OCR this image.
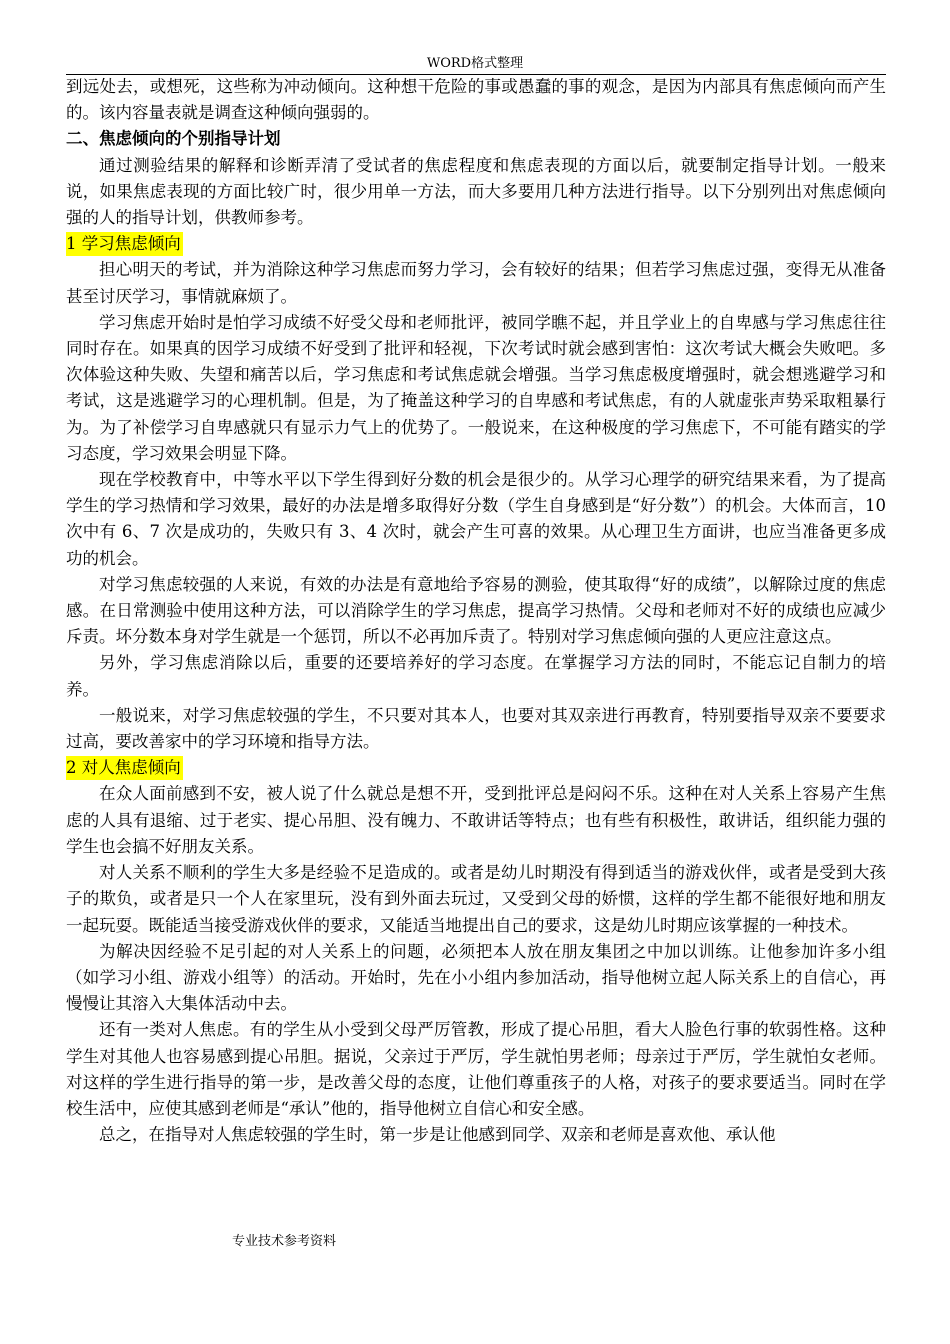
WORD格式整理

到远处去，或想死，这些称为冲动倾向。这种想干危险的事或愚蠢的事的观念，是因为内部具有焦虑倾向而产生的。该内容量表就是调查这种倾向强弱的。

二、焦虑倾向的个别指导计划

通过测验结果的解释和诊断弄清了受试者的焦虑程度和焦虑表现的方面以后，就要制定指导计划。一般来说，如果焦虑表现的方面比较广时，很少用单一方法，而大多要用几种方法进行指导。以下分别列出对焦虑倾向强的人的指导计划，供教师参考。

1 学习焦虑倾向

担心明天的考试，并为消除这种学习焦虑而努力学习，会有较好的结果；但若学习焦虑过强，变得无从准备甚至讨厌学习，事情就麻烦了。

学习焦虑开始时是怕学习成绩不好受父母和老师批评，被同学瞧不起，并且学业上的自卑感与学习焦虑往往同时存在。如果真的因学习成绩不好受到了批评和轻视，下次考试时就会感到害怕：这次考试大概会失败吧。多次体验这种失败、失望和痛苦以后，学习焦虑和考试焦虑就会增强。当学习焦虑极度增强时，就会想逃避学习和考试，这是逃避学习的心理机制。但是，为了掩盖这种学习的自卑感和考试焦虑，有的人就虚张声势采取粗暴行为。为了补偿学习自卑感就只有显示力气上的优势了。一般说来，在这种极度的学习焦虑下，不可能有踏实的学习态度，学习效果会明显下降。

现在学校教育中，中等水平以下学生得到好分数的机会是很少的。从学习心理学的研究结果来看，为了提高学生的学习热情和学习效果，最好的办法是增多取得好分数（学生自身感到是“好分数”）的机会。大体而言，10 次中有 6、7 次是成功的，失败只有 3、4 次时，就会产生可喜的效果。从心理卫生方面讲，也应当准备更多成功的机会。

对学习焦虑较强的人来说，有效的办法是有意地给予容易的测验，使其取得“好的成绩”，以解除过度的焦虑感。在日常测验中使用这种方法，可以消除学生的学习焦虑，提高学习热情。父母和老师对不好的成绩也应减少斥责。坏分数本身对学生就是一个惩罚，所以不必再加斥责了。特别对学习焦虑倾向强的人更应注意这点。

另外，学习焦虑消除以后，重要的还要培养好的学习态度。在掌握学习方法的同时，不能忘记自制力的培养。

一般说来，对学习焦虑较强的学生，不只要对其本人，也要对其双亲进行再教育，特别要指导双亲不要要求过高，要改善家中的学习环境和指导方法。

2 对人焦虑倾向

在众人面前感到不安，被人说了什么就总是想不开，受到批评总是闷闷不乐。这种在对人关系上容易产生焦虑的人具有退缩、过于老实、提心吊胆、没有魄力、不敢讲话等特点；也有些有积极性，敢讲话，组织能力强的学生也会搞不好朋友关系。

对人关系不顺利的学生大多是经验不足造成的。或者是幼儿时期没有得到适当的游戏伙伴，或者是受到大孩子的欺负，或者是只一个人在家里玩，没有到外面去玩过，又受到父母的娇惯，这样的学生都不能很好地和朋友一起玩耍。既能适当接受游戏伙伴的要求，又能适当地提出自己的要求，这是幼儿时期应该掌握的一种技术。

为解决因经验不足引起的对人关系上的问题，必须把本人放在朋友集团之中加以训练。让他参加许多小组（如学习小组、游戏小组等）的活动。开始时，先在小小组内参加活动，指导他树立起人际关系上的自信心，再慢慢让其溶入大集体活动中去。

还有一类对人焦虑。有的学生从小受到父母严厉管教，形成了提心吊胆，看大人脸色行事的软弱性格。这种学生对其他人也容易感到提心吊胆。据说，父亲过于严厉，学生就怕男老师；母亲过于严厉，学生就怕女老师。对这样的学生进行指导的第一步，是改善父母的态度，让他们尊重孩子的人格，对孩子的要求要适当。同时在学校生活中，应使其感到老师是“承认”他的，指导他树立自信心和安全感。

总之，在指导对人焦虑较强的学生时，第一步是让他感到同学、双亲和老师是喜欢他、承认他

专业技术参考资料
